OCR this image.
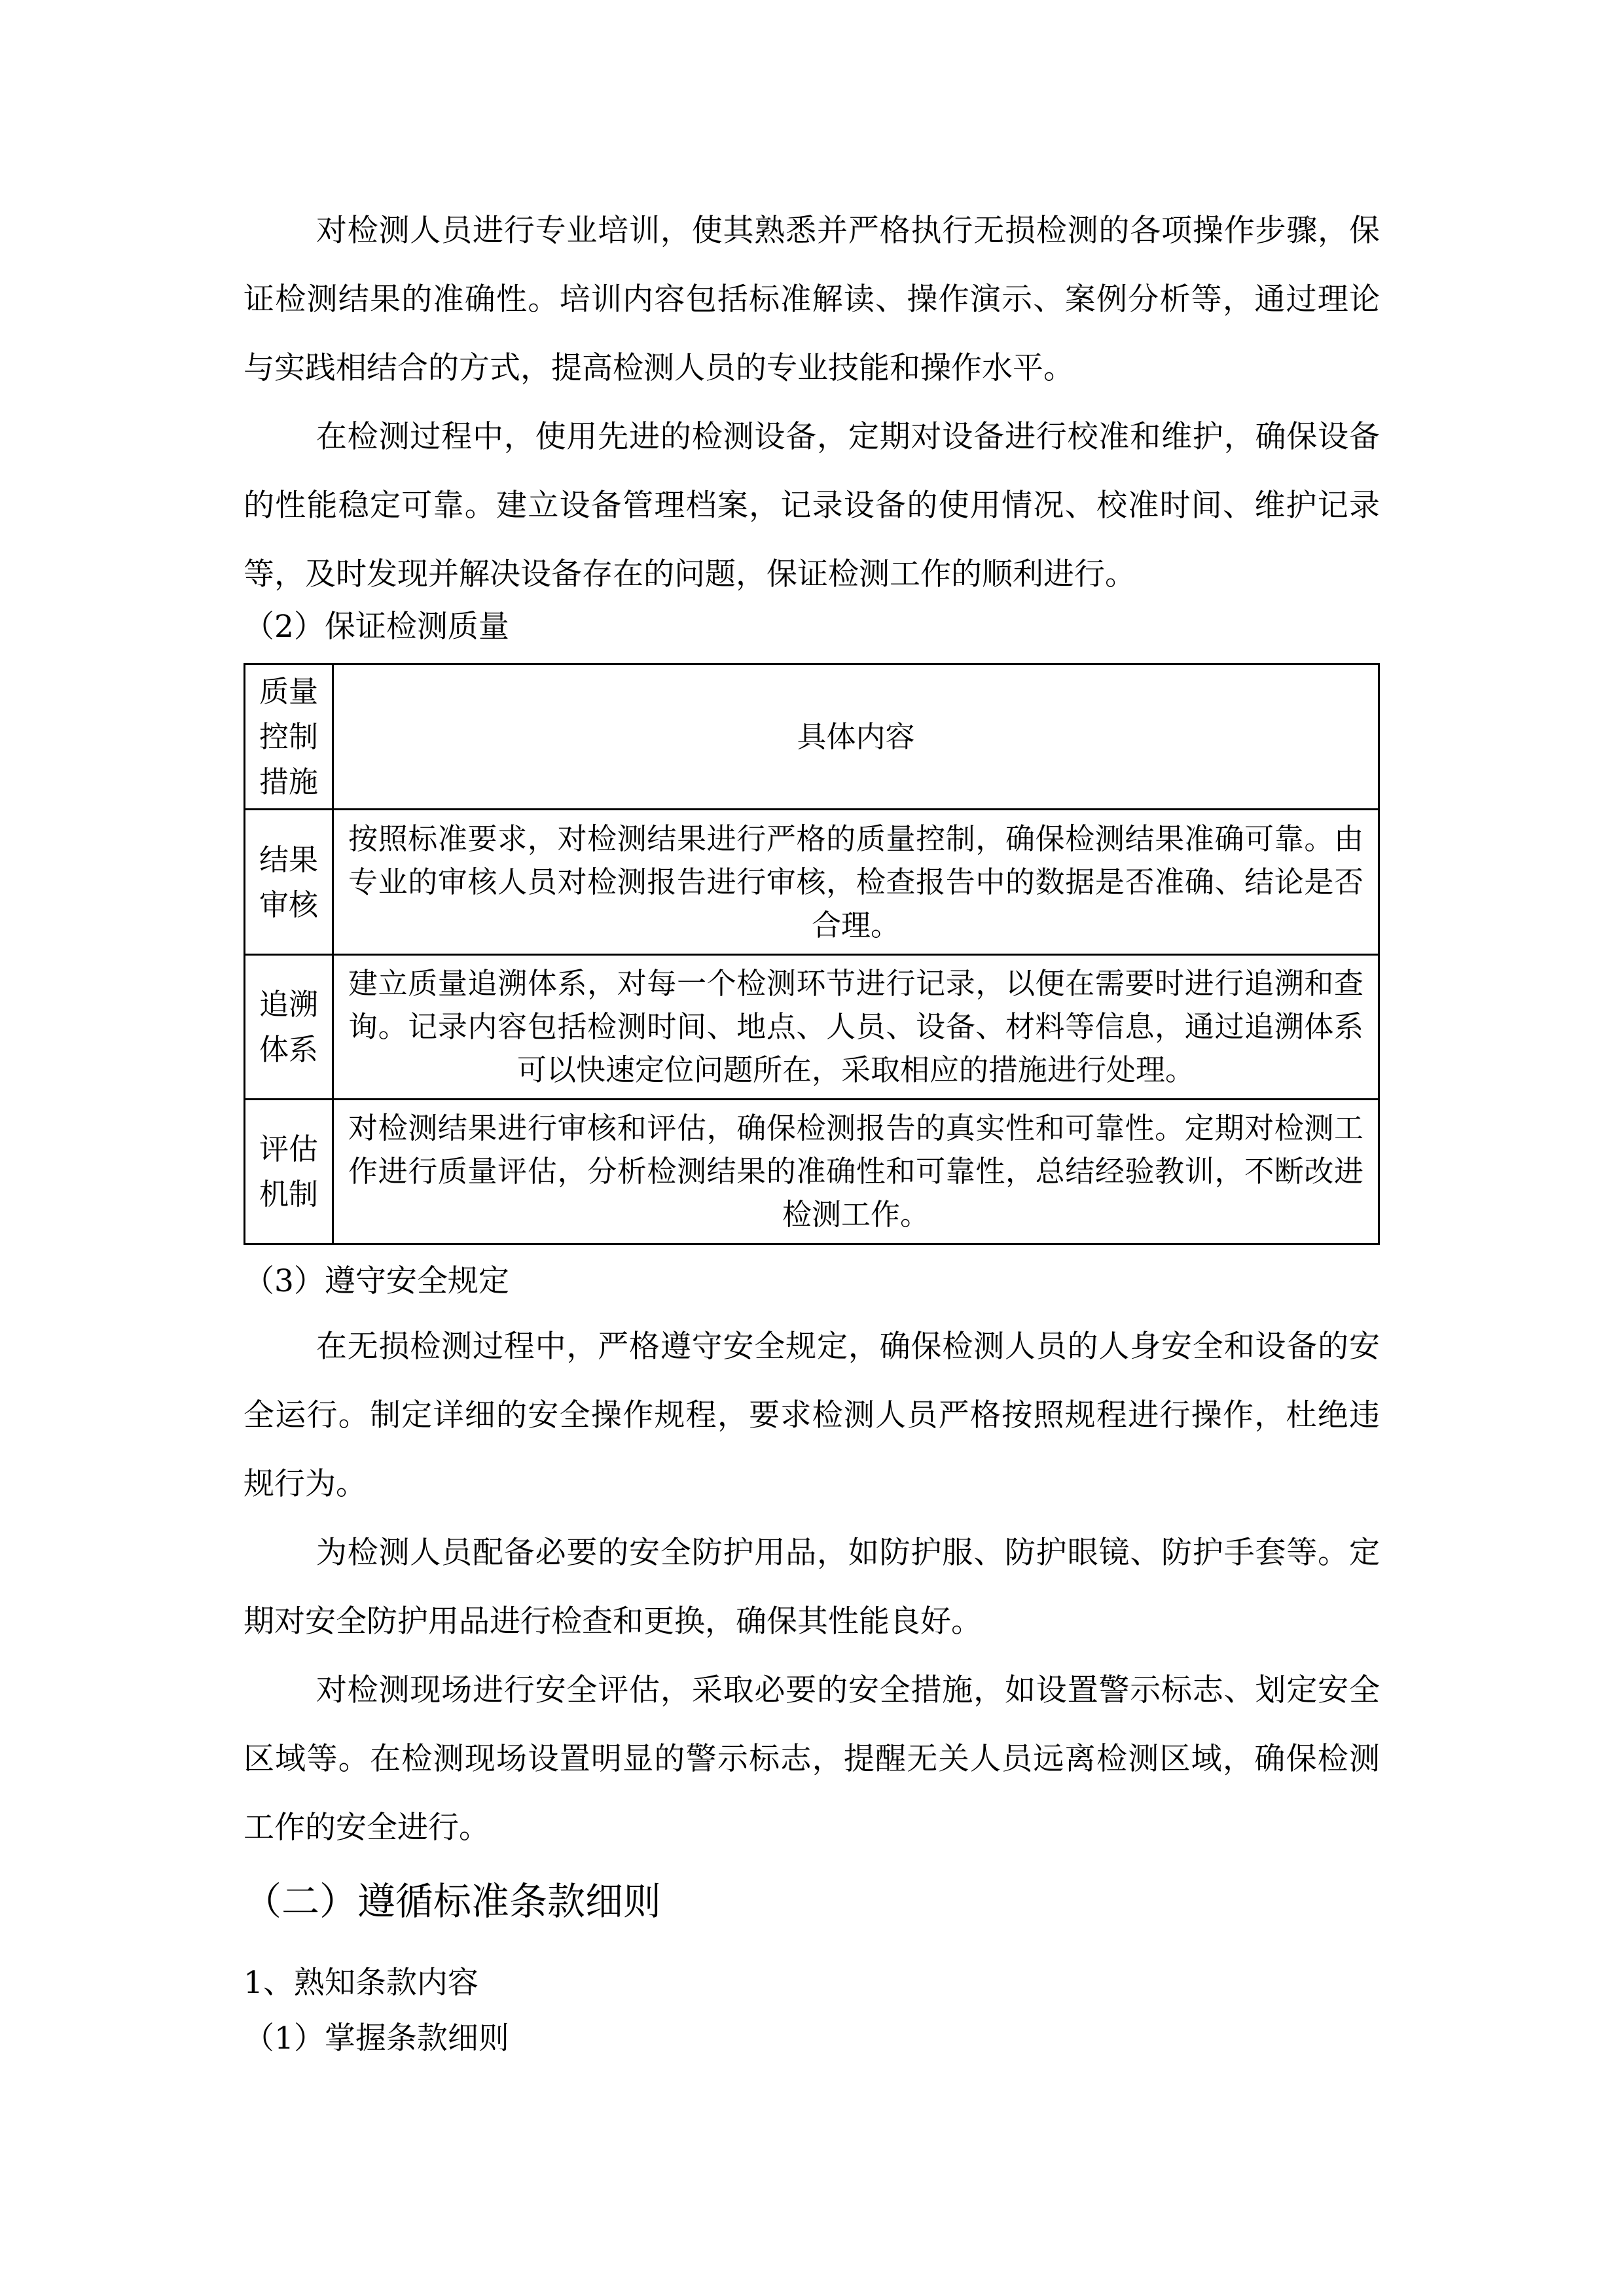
对检测人员进行专业培训，使其熟悉并严格执行无损检测的各项操作步骤，保证检测结果的准确性。培训内容包括标准解读、操作演示、案例分析等，通过理论与实践相结合的方式，提高检测人员的专业技能和操作水平。

在检测过程中，使用先进的检测设备，定期对设备进行校准和维护，确保设备的性能稳定可靠。建立设备管理档案，记录设备的使用情况、校准时间、维护记录等，及时发现并解决设备存在的问题，保证检测工作的顺利进行。

（2）保证检测质量

质量控制措施	具体内容
结果审核	按照标准要求，对检测结果进行严格的质量控制，确保检测结果准确可靠。由专业的审核人员对检测报告进行审核，检查报告中的数据是否准确、结论是否合理。

追溯体系	建立质量追溯体系，对每一个检测环节进行记录，以便在需要时进行追溯和查询。记录内容包括检测时间、地点、人员、设备、材料等信息，通过追溯体系可以快速定位问题所在，采取相应的措施进行处理。

评估机制	对检测结果进行审核和评估，确保检测报告的真实性和可靠性。定期对检测工作进行质量评估，分析检测结果的准确性和可靠性，总结经验教训，不断改进检测工作。

（3）遵守安全规定

在无损检测过程中，严格遵守安全规定，确保检测人员的人身安全和设备的安全运行。制定详细的安全操作规程，要求检测人员严格按照规程进行操作，杜绝违规行为。

为检测人员配备必要的安全防护用品，如防护服、防护眼镜、防护手套等。定期对安全防护用品进行检查和更换，确保其性能良好。

对检测现场进行安全评估，采取必要的安全措施，如设置警示标志、划定安全区域等。在检测现场设置明显的警示标志，提醒无关人员远离检测区域，确保检测工作的安全进行。

（二）遵循标准条款细则

1、熟知条款内容

（1）掌握条款细则
